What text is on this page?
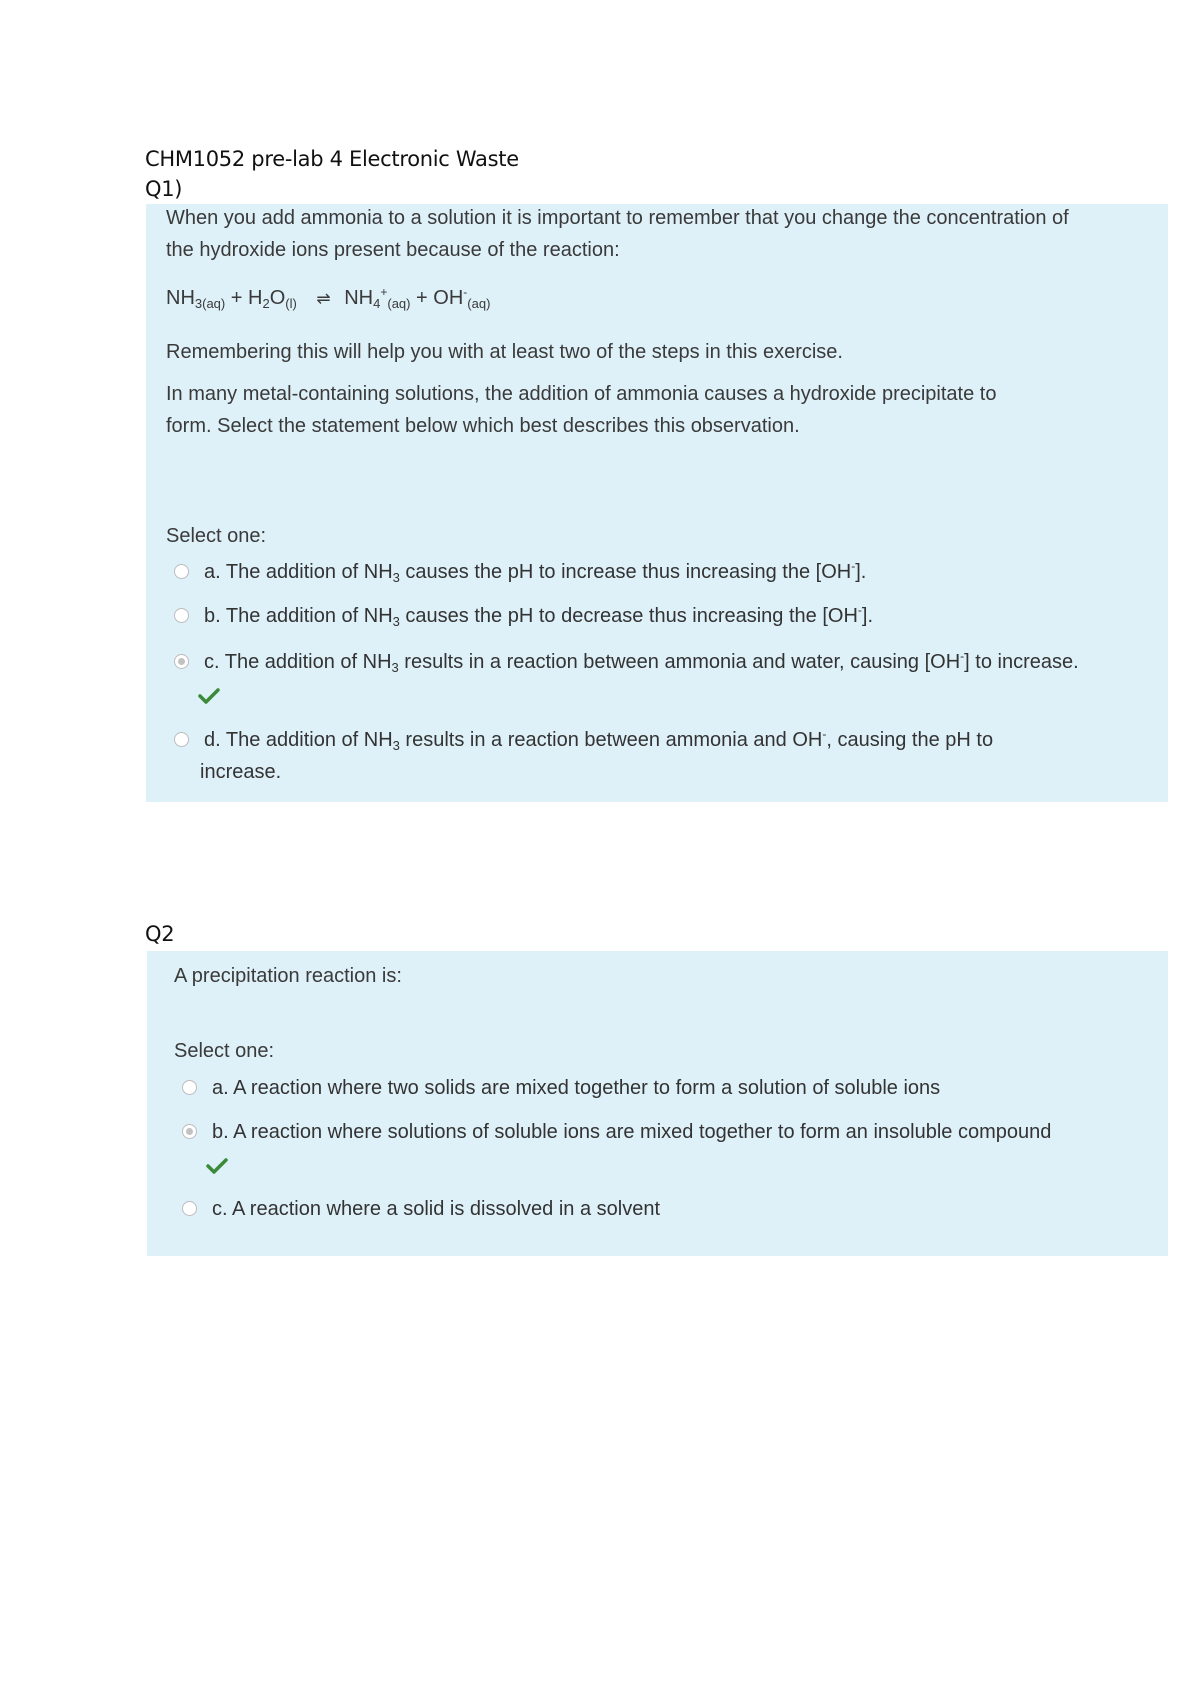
CHM1052 pre-lab 4 Electronic Waste
Q1)
When you add ammonia to a solution it is important to remember that you change the concentration of
the hydroxide ions present because of the reaction:
$NH_{3(aq)} + H_2O_{(l)}$ ⇌ $NH_4^+_{(aq)} + OH^-_{(aq)}$
Remembering this will help you with at least two of the steps in this exercise.
In many metal-containing solutions, the addition of ammonia causes a hydroxide precipitate to
form. Select the statement below which best describes this observation.
Select one:
a. The addition of $NH_3$ causes the pH to increase thus increasing the [OH-].
b. The addition of $NH_3$ causes the pH to decrease thus increasing the [OH-].
c. The addition of $NH_3$ results in a reaction between ammonia and water, causing [OH-] to increase.
d. The addition of $NH_3$ results in a reaction between ammonia and OH-, causing the pH to
increase.
Q2
A precipitation reaction is:
Select one:
a. A reaction where two solids are mixed together to form a solution of soluble ions
b. A reaction where solutions of soluble ions are mixed together to form an insoluble compound
c. A reaction where a solid is dissolved in a solvent
